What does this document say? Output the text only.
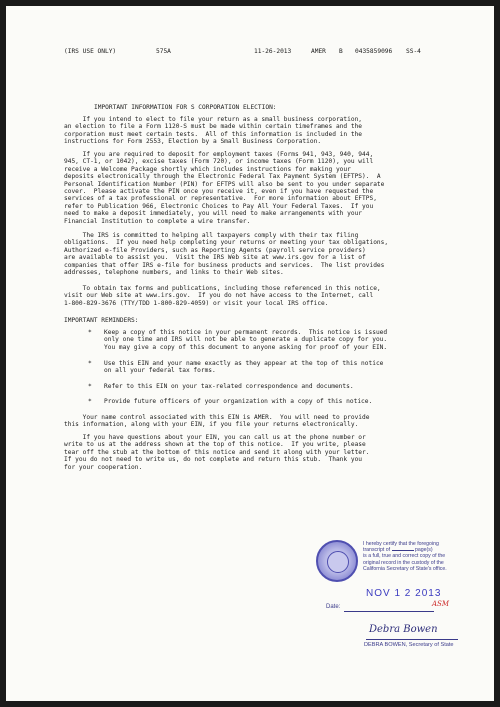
(IRS USE ONLY)	575A	11-26-2013	AMER B 0435859096 SS-4
IMPORTANT INFORMATION FOR S CORPORATION ELECTION:
If you intend to elect to file your return as a small business corporation,
an election to file a Form 1120-S must be made within certain timeframes and the
corporation must meet certain tests.  All of this information is included in the
instructions for Form 2553, Election by a Small Business Corporation.
If you are required to deposit for employment taxes (Forms 941, 943, 940, 944,
945, CT-1, or 1042), excise taxes (Form 720), or income taxes (Form 1120), you will
receive a Welcome Package shortly which includes instructions for making your
deposits electronically through the Electronic Federal Tax Payment System (EFTPS).  A
Personal Identification Number (PIN) for EFTPS will also be sent to you under separate
cover.  Please activate the PIN once you receive it, even if you have requested the
services of a tax professional or representative.  For more information about EFTPS,
refer to Publication 966, Electronic Choices to Pay All Your Federal Taxes.  If you
need to make a deposit immediately, you will need to make arrangements with your
Financial Institution to complete a wire transfer.
The IRS is committed to helping all taxpayers comply with their tax filing
obligations.  If you need help completing your returns or meeting your tax obligations,
Authorized e-file Providers, such as Reporting Agents (payroll service providers)
are available to assist you.  Visit the IRS Web site at www.irs.gov for a list of
companies that offer IRS e-file for business products and services.  The list provides
addresses, telephone numbers, and links to their Web sites.
To obtain tax forms and publications, including those referenced in this notice,
visit our Web site at www.irs.gov.  If you do not have access to the Internet, call
1-800-829-3676 (TTY/TDD 1-800-829-4059) or visit your local IRS office.
IMPORTANT REMINDERS:
* Keep a copy of this notice in your permanent records.  This notice is issued
only one time and IRS will not be able to generate a duplicate copy for you.
You may give a copy of this document to anyone asking for proof of your EIN.
* Use this EIN and your name exactly as they appear at the top of this notice
on all your federal tax forms.
* Refer to this EIN on your tax-related correspondence and documents.
* Provide future officers of your organization with a copy of this notice.
Your name control associated with this EIN is AMER.  You will need to provide
this information, along with your EIN, if you file your returns electronically.
If you have questions about your EIN, you can call us at the phone number or
write to us at the address shown at the top of this notice.  If you write, please
tear off the stub at the bottom of this notice and send it along with your letter.
If you do not need to write us, do not complete and return this stub.  Thank you
for your cooperation.
I hereby certify that the foregoing
transcript of	page(s)
is a full, true and correct copy of the
original record in the custody of the
California Secretary of State's office.
NOV 1 2 2013
Date:	ASM
Debra Bowen
DEBRA BOWEN, Secretary of State
